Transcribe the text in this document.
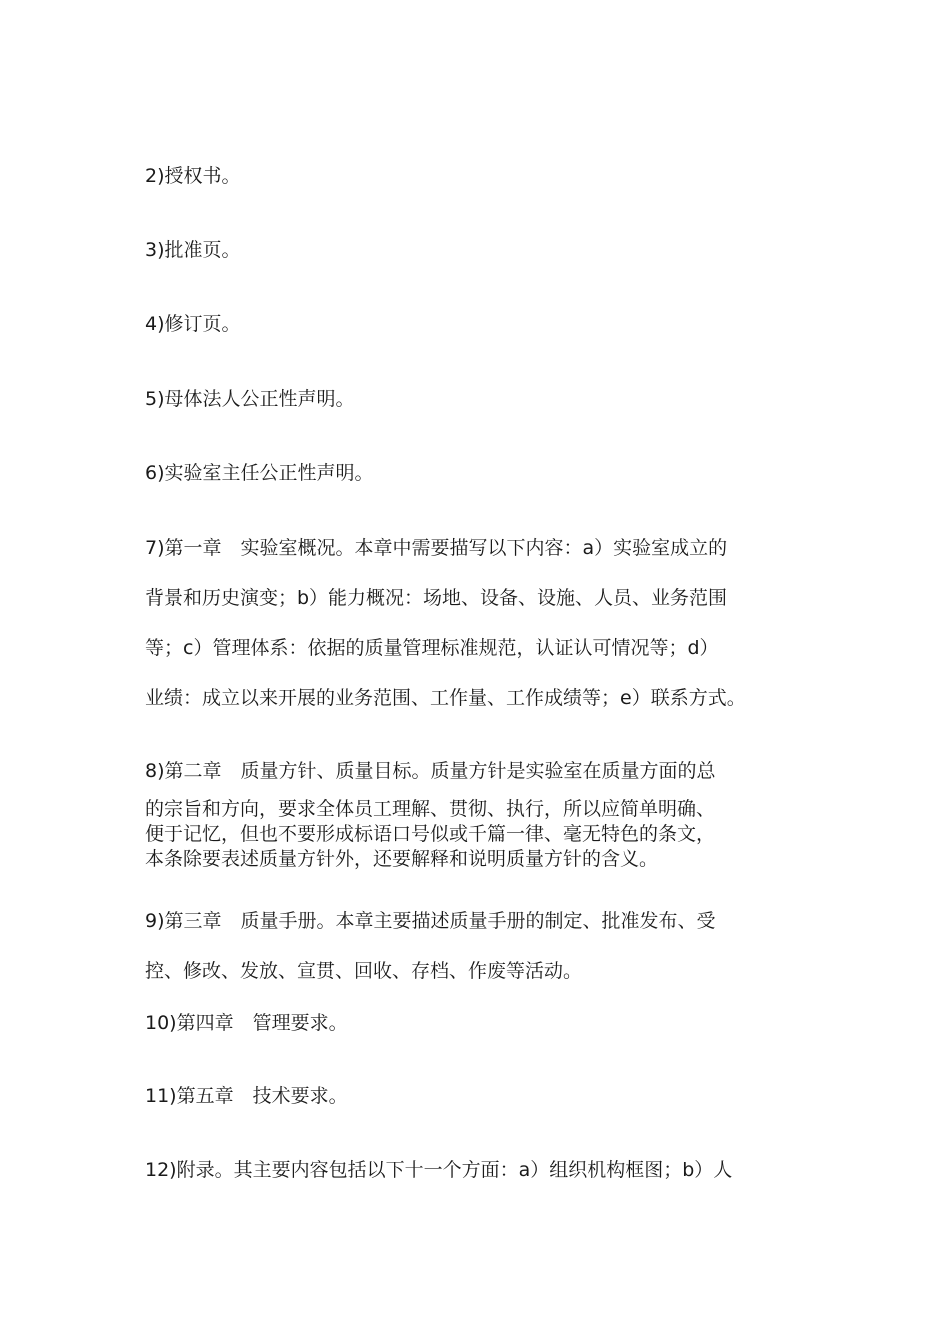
2)授权书。

3)批准页。

4)修订页。

5)母体法人公正性声明。

6)实验室主任公正性声明。

7)第一章　实验室概况。本章中需要描写以下内容：a）实验室成立的
背景和历史演变；b）能力概况：场地、设备、设施、人员、业务范围
等；c）管理体系：依据的质量管理标准规范，认证认可情况等；d）
业绩：成立以来开展的业务范围、工作量、工作成绩等；e）联系方式。

8)第二章　质量方针、质量目标。质量方针是实验室在质量方面的总
的宗旨和方向，要求全体员工理解、贯彻、执行，所以应简单明确、
便于记忆，但也不要形成标语口号似或千篇一律、毫无特色的条文，
本条除要表述质量方针外，还要解释和说明质量方针的含义。

9)第三章　质量手册。本章主要描述质量手册的制定、批准发布、受
控、修改、发放、宣贯、回收、存档、作废等活动。

10)第四章　管理要求。

11)第五章　技术要求。

12)附录。其主要内容包括以下十一个方面：a）组织机构框图；b）人
